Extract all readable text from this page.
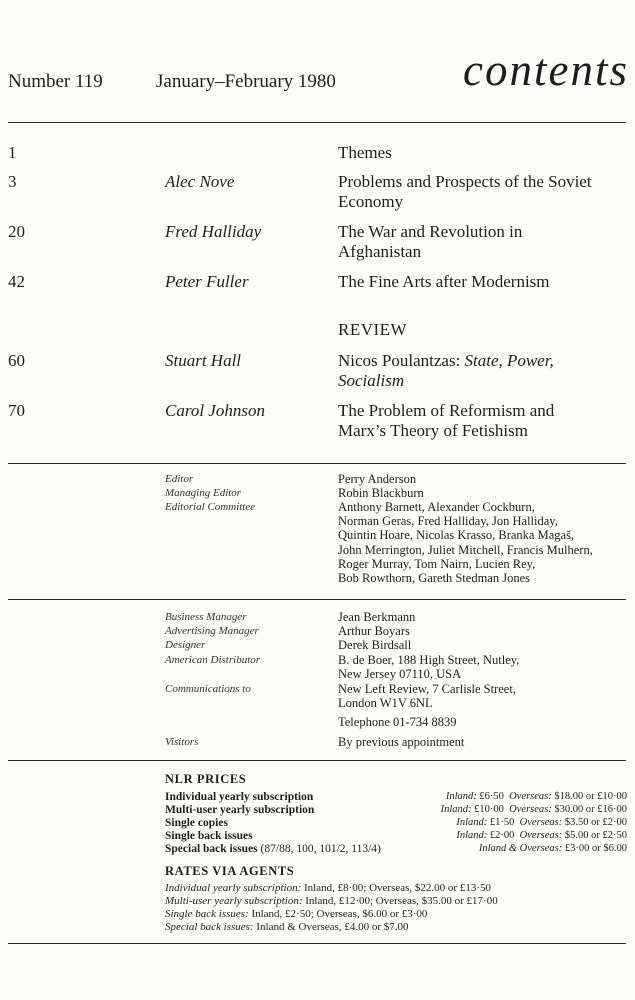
Number 119	January–February 1980	contents
1	Themes
3	Alec Nove	Problems and Prospects of the Soviet
Economy
20	Fred Halliday	The War and Revolution in
Afghanistan
42	Peter Fuller	The Fine Arts after Modernism
REVIEW
60	Stuart Hall	Nicos Poulantzas: State, Power,
Socialism
70	Carol Johnson	The Problem of Reformism and
Marx’s Theory of Fetishism
Editor	Perry Anderson
Managing Editor	Robin Blackburn
Editorial Committee	Anthony Barnett, Alexander Cockburn,
Norman Geras, Fred Halliday, Jon Halliday,
Quintin Hoare, Nicolas Krasso, Branka Magaš,
John Merrington, Juliet Mitchell, Francis Mulhern,
Roger Murray, Tom Nairn, Lucien Rey,
Bob Rowthorn, Gareth Stedman Jones
Business Manager	Jean Berkmann
Advertising Manager	Arthur Boyars
Designer	Derek Birdsall
American Distributor	B. de Boer, 188 High Street, Nutley,
New Jersey 07110, USA
Communications to	New Left Review, 7 Carlisle Street,
London W1V 6NL
Telephone 01-734 8839
Visitors	By previous appointment
NLR PRICES
Individual yearly subscription	Inland: £6·50 Overseas: $18.00 or £10·00
Multi-user yearly subscription	Inland: £10·00 Overseas: $30.00 or £16·00
Single copies	Inland: £1·50 Overseas: $3.50 or £2·00
Single back issues	Inland: £2·00 Overseas: $5.00 or £2·50
Special back issues (87/88, 100, 101/2, 113/4)	Inland & Overseas: £3·00 or $6.00
RATES VIA AGENTS
Individual yearly subscription: Inland, £8·00; Overseas, $22.00 or £13·50
Multi-user yearly subscription: Inland, £12·00; Overseas, $35.00 or £17·00
Single back issues: Inland, £2·50; Overseas, $6.00 or £3·00
Special back issues: Inland & Overseas, £4.00 or $7.00
